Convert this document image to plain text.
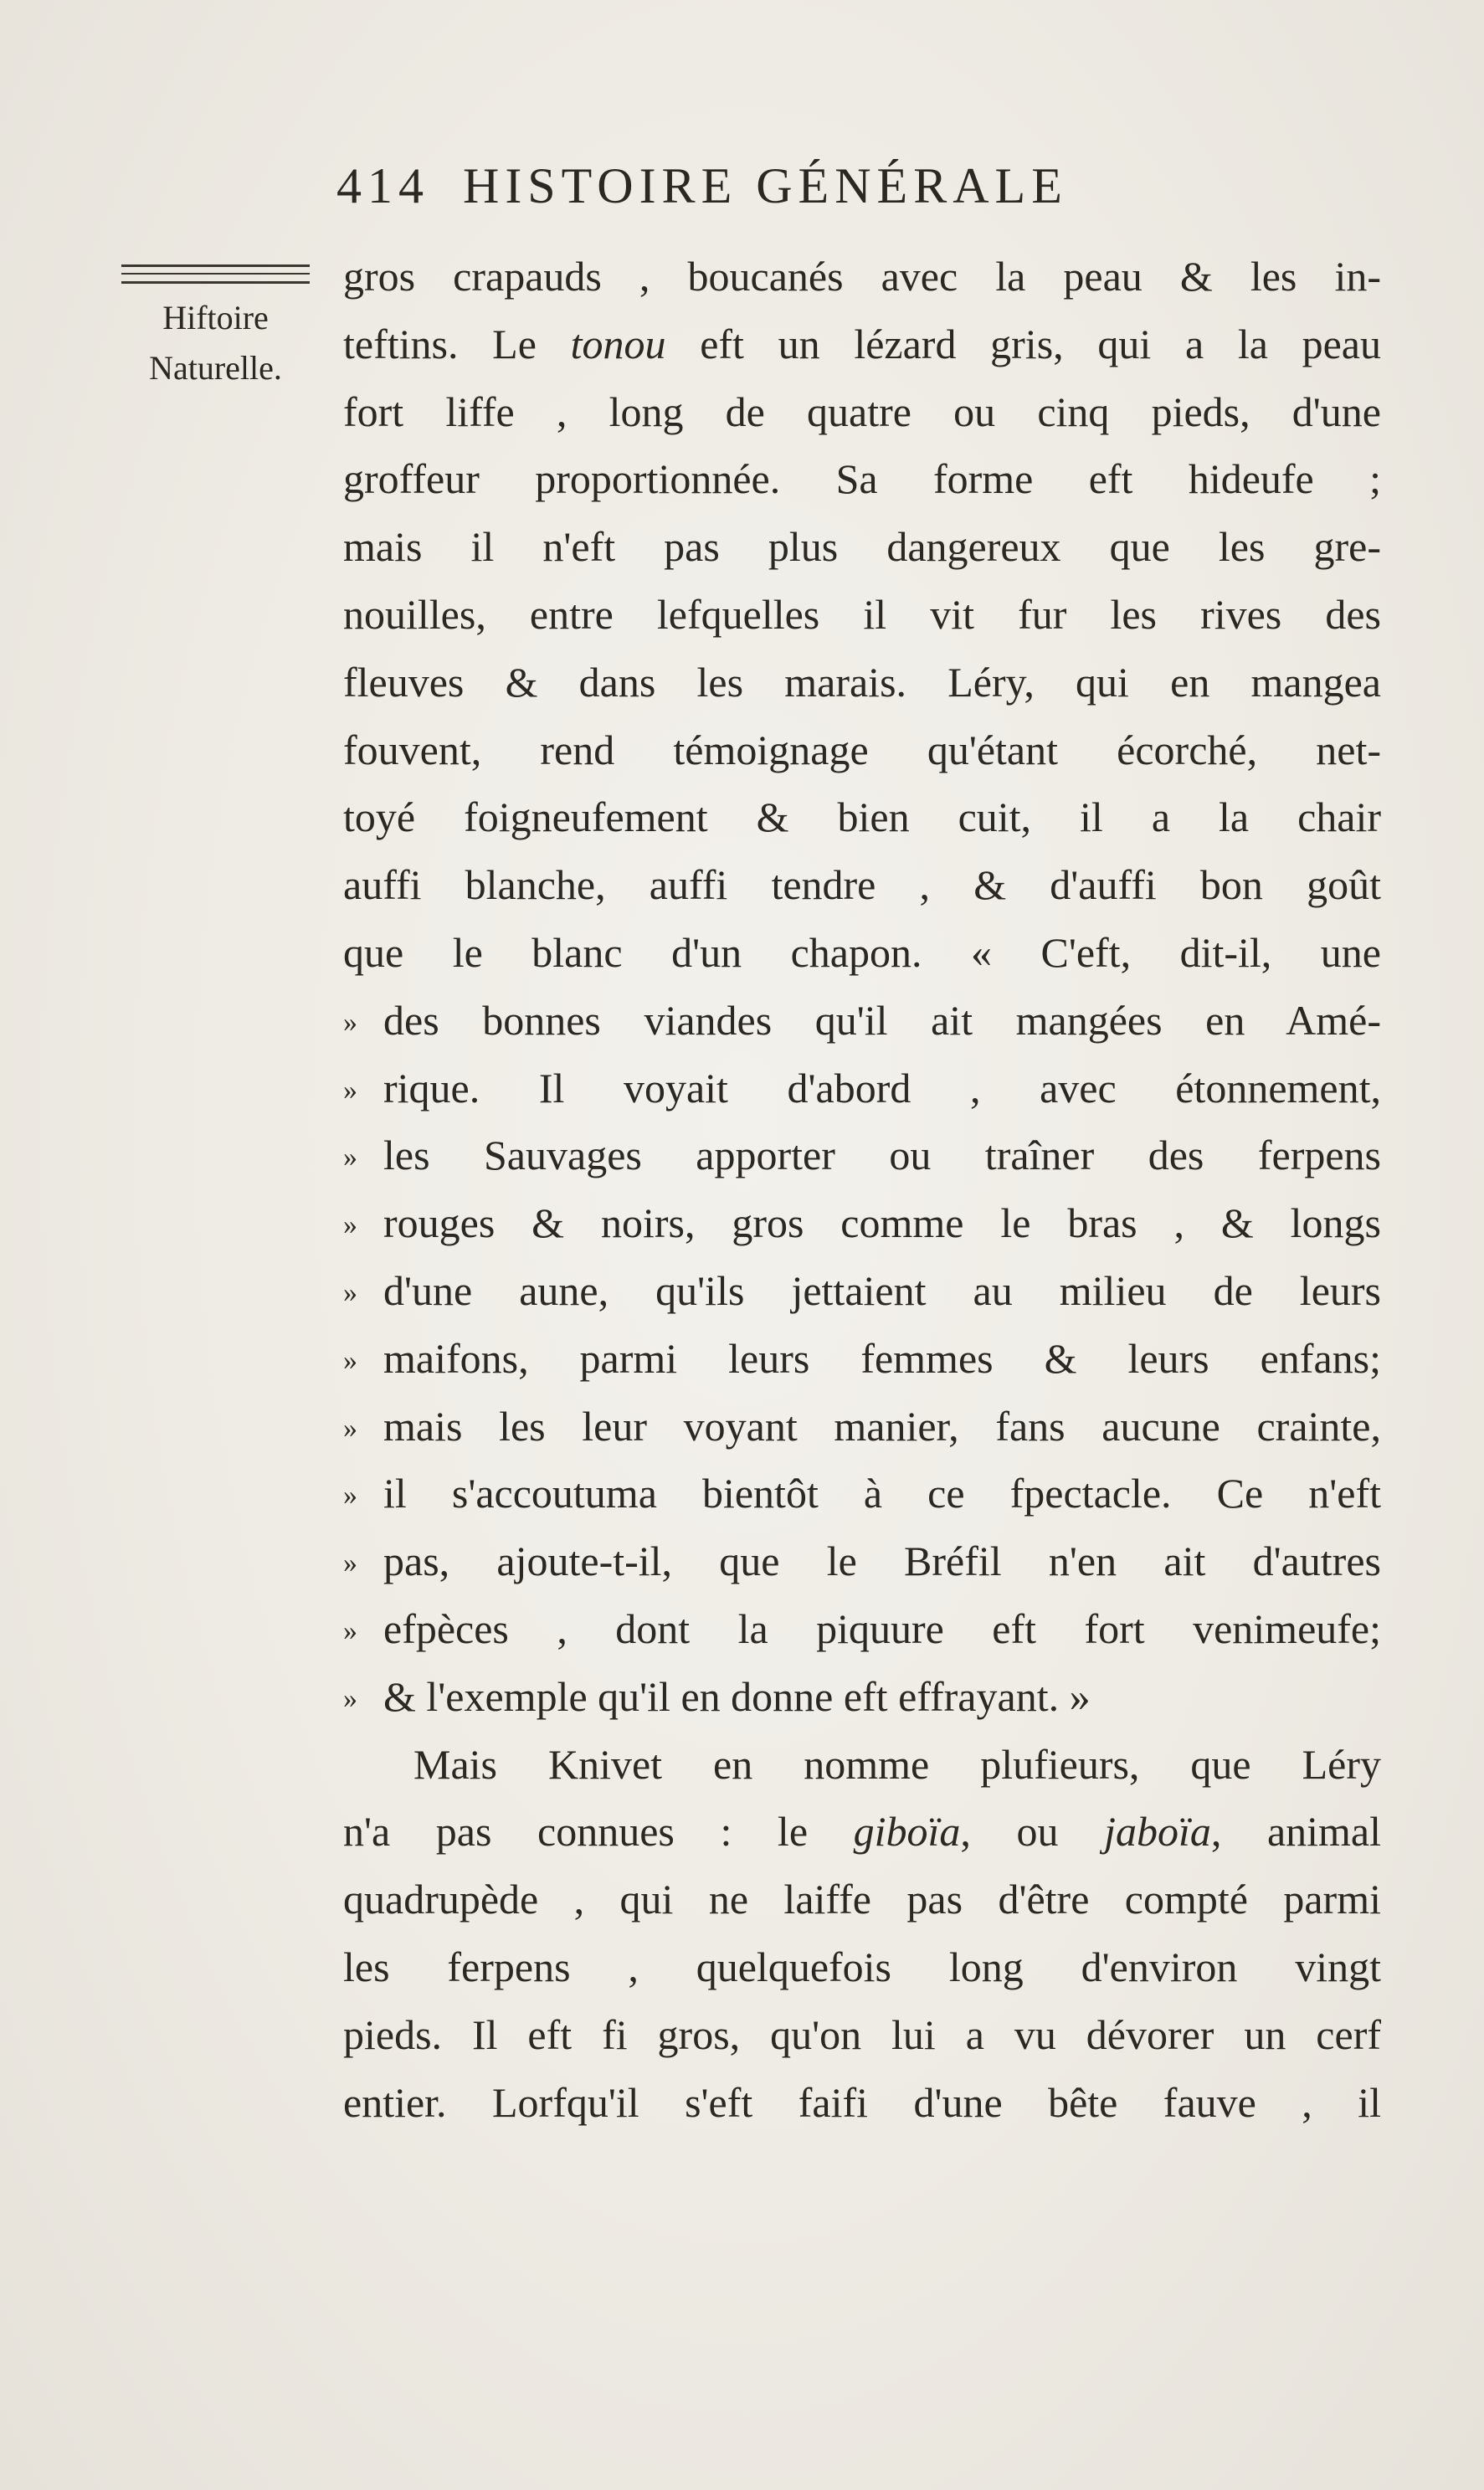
414 HISTOIRE GÉNÉRALE
Hiftoire
Naturelle.
gros crapauds , boucanés avec la peau & les in-
teftins. Le tonou eft un lézard gris, qui a la peau
fort liffe , long de quatre ou cinq pieds, d'une
groffeur proportionnée. Sa forme eft hideufe ;
mais il n'eft pas plus dangereux que les gre-
nouilles, entre lefquelles il vit fur les rives des
fleuves & dans les marais. Léry, qui en mangea
fouvent, rend témoignage qu'étant écorché, net-
toyé foigneufement & bien cuit, il a la chair
auffi blanche, auffi tendre , & d'auffi bon goût
que le blanc d'un chapon. « C'eft, dit-il, une
» des bonnes viandes qu'il ait mangées en Amé-
» rique. Il voyait d'abord , avec étonnement,
» les Sauvages apporter ou traîner des ferpens
» rouges & noirs, gros comme le bras , & longs
» d'une aune, qu'ils jettaient au milieu de leurs
» maifons, parmi leurs femmes & leurs enfans;
» mais les leur voyant manier, fans aucune crainte,
» il s'accoutuma bientôt à ce fpectacle. Ce n'eft
» pas, ajoute-t-il, que le Bréfil n'en ait d'autres
» efpèces , dont la piquure eft fort venimeufe;
» & l'exemple qu'il en donne eft effrayant. »
Mais Knivet en nomme plufieurs, que Léry
n'a pas connues : le giboïa, ou jaboïa, animal
quadrupède , qui ne laiffe pas d'être compté parmi
les ferpens , quelquefois long d'environ vingt
pieds. Il eft fi gros, qu'on lui a vu dévorer un cerf
entier. Lorfqu'il s'eft faifi d'une bête fauve , il
